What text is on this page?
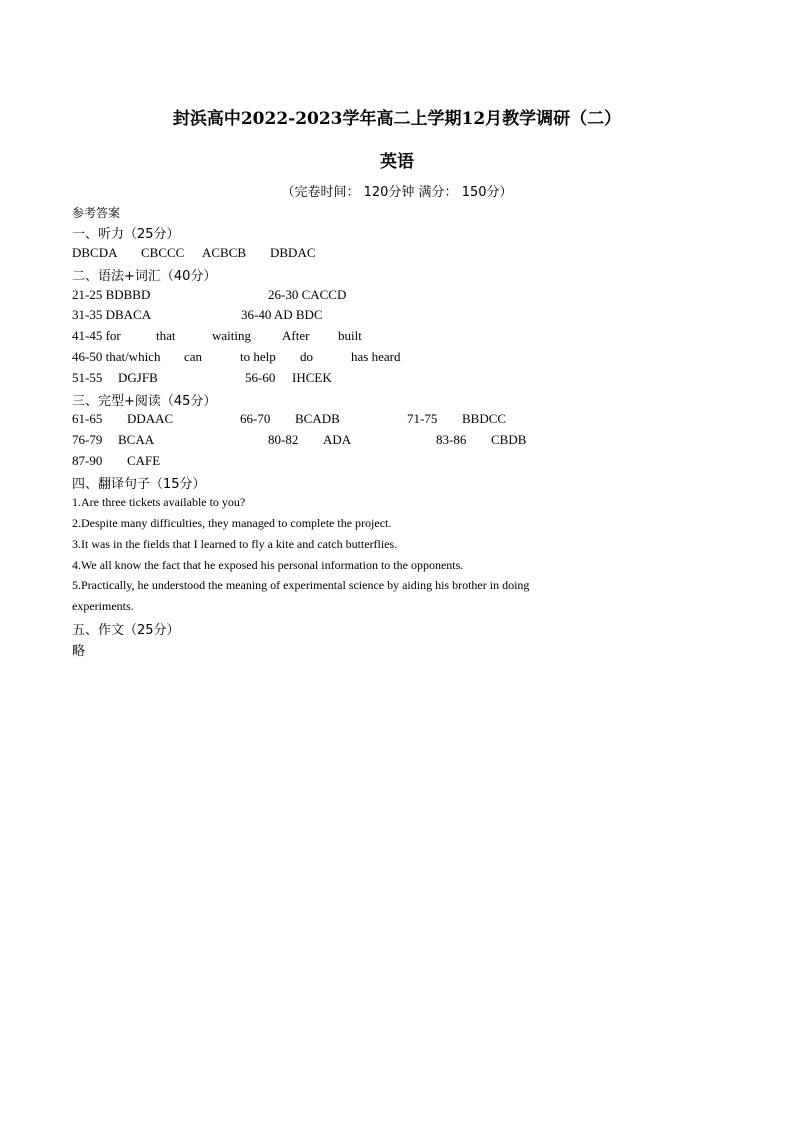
封浜高中2022-2023学年高二上学期12月教学调研（二）
英语
（完卷时间： 120分钟 满分： 150分）
参考答案
一、听力（25分）
DBCDA CBCCC ACBCB DBDAC
二、语法+词汇（40分）
21-25 BDBBD	26-30 CACCD
31-35 DBACA	36-40 AD BDC
41-45 for	that	waiting After built
46-50 that/which can	to help do	has heard
51-55 DGJFB	56-60 IHCEK
三、完型+阅读（45分）
61-65 DDAAC	66-70 BCADB	71-75 BBDCC
76-79 BCAA	80-82 ADA	83-86 CBDB
87-90 CAFE
四、翻译句子（15分）
1.Are three tickets available to you?
2.Despite many difficulties, they managed to complete the project.
3.It was in the fields that I learned to fly a kite and catch butterflies.
4.We all know the fact that he exposed his personal information to the opponents.
5.Practically, he understood the meaning of experimental science by aiding his brother in doing
experiments.
五、作文（25分）
略
